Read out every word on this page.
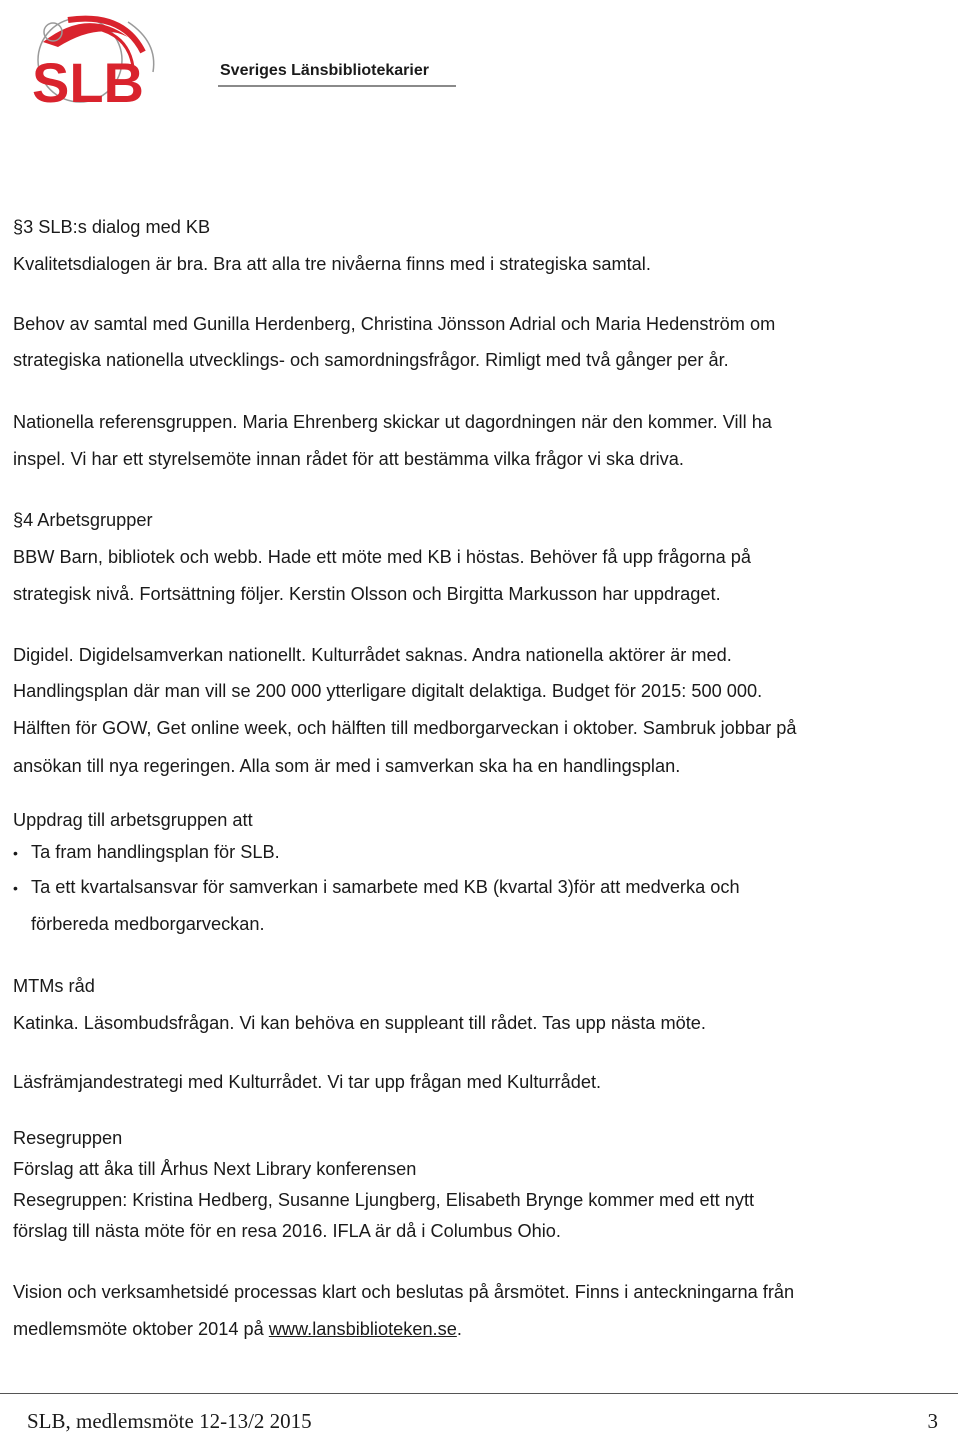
SLB	Sveriges Länsbibliotekarier

§3 SLB:s dialog med KB

Kvalitetsdialogen är bra. Bra att alla tre nivåerna finns med i strategiska samtal.

Behov av samtal med Gunilla Herdenberg, Christina Jönsson Adrial och Maria Hedenström om

strategiska nationella utvecklings- och samordningsfrågor. Rimligt med två gånger per år.

Nationella referensgruppen. Maria Ehrenberg skickar ut dagordningen när den kommer. Vill ha

inspel. Vi har ett styrelsemöte innan rådet för att bestämma vilka frågor vi ska driva.

§4 Arbetsgrupper

BBW Barn, bibliotek och webb. Hade ett möte med KB i höstas. Behöver få upp frågorna på

strategisk nivå. Fortsättning följer. Kerstin Olsson och Birgitta Markusson har uppdraget.

Digidel. Digidelsamverkan nationellt. Kulturrådet saknas. Andra nationella aktörer är med.

Handlingsplan där man vill se 200 000 ytterligare digitalt delaktiga. Budget för 2015: 500 000.

Hälften för GOW, Get online week, och hälften till medborgarveckan i oktober. Sambruk jobbar på

ansökan till nya regeringen. Alla som är med i samverkan ska ha en handlingsplan.

Uppdrag till arbetsgruppen att

• Ta fram handlingsplan för SLB.

• Ta ett kvartalsansvar för samverkan i samarbete med KB (kvartal 3)för att medverka och

förbereda medborgarveckan.

MTMs råd

Katinka. Läsombudsfrågan. Vi kan behöva en suppleant till rådet. Tas upp nästa möte.

Läsfrämjandestrategi med Kulturrådet. Vi tar upp frågan med Kulturrådet.

Resegruppen

Förslag att åka till Århus Next Library konferensen

Resegruppen: Kristina Hedberg, Susanne Ljungberg, Elisabeth Brynge kommer med ett nytt

förslag till nästa möte för en resa 2016. IFLA är då i Columbus Ohio.

Vision och verksamhetsidé processas klart och beslutas på årsmötet. Finns i anteckningarna från

medlemsmöte oktober 2014 på www.lansbiblioteken.se.

SLB, medlemsmöte 12-13/2 2015	3
